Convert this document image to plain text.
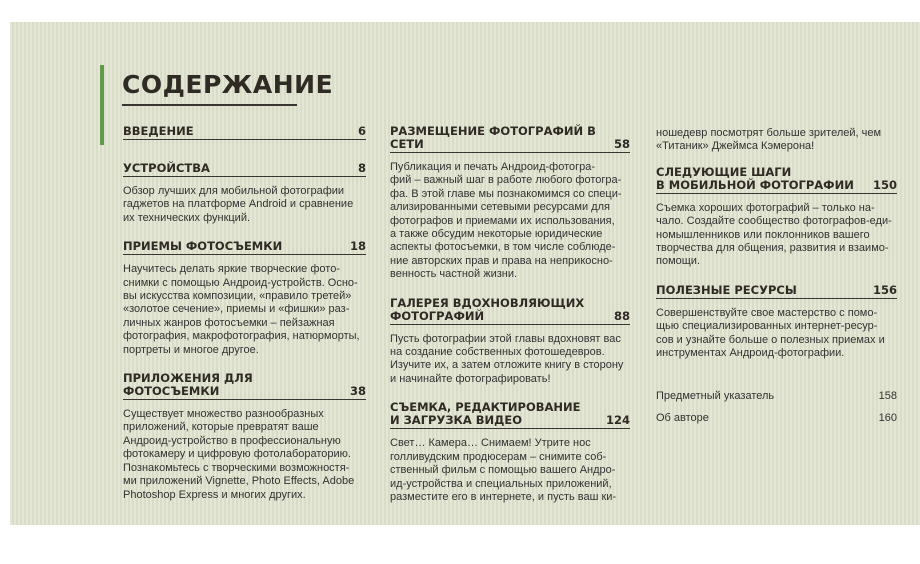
СОДЕРЖАНИЕ
ВВЕДЕНИЕ	6
УСТРОЙСТВА	8
Обзор лучших для мобильной фотографии
гаджетов на платформе Android и сравнение
их технических функций.
ПРИЕМЫ ФОТОСЪЕМКИ	18
Научитесь делать яркие творческие фото-
снимки с помощью Андроид-устройств. Осно-
вы искусства композиции, «правило третей»
«золотое сечение», приемы и «фишки» раз-
личных жанров фотосъемки – пейзажная
фотография, макрофотография, натюрморты,
портреты и многое другое.
ПРИЛОЖЕНИЯ ДЛЯ ФОТОСЪЕМКИ	38
Существует множество разнообразных
приложений, которые превратят ваше
Андроид-устройство в профессиональную
фотокамеру и цифровую фотолабораторию.
Познакомьтесь с творческими возможностя-
ми приложений Vignette, Photo Effects, Adobe
Photoshop Express и многих других.
РАЗМЕЩЕНИЕ ФОТОГРАФИЙ В СЕТИ	58
Публикация и печать Андроид-фотогра-
фий – важный шаг в работе любого фотогра-
фа. В этой главе мы познакомимся со специ-
ализированными сетевыми ресурсами для
фотографов и приемами их использования,
а также обсудим некоторые юридические
аспекты фотосъемки, в том числе соблюде-
ние авторских прав и права на неприкосно-
венность частной жизни.
ГАЛЕРЕЯ ВДОХНОВЛЯЮЩИХ
ФОТОГРАФИЙ	88
Пусть фотографии этой главы вдохновят вас
на создание собственных фотошедевров.
Изучите их, а затем отложите книгу в сторону
и начинайте фотографировать!
СЪЕМКА, РЕДАКТИРОВАНИЕ
И ЗАГРУЗКА ВИДЕО	124
Свет… Камера… Снимаем! Утрите нос
голливудским продюсерам – снимите соб-
ственный фильм с помощью вашего Андро-
ид-устройства и специальных приложений,
разместите его в интернете, и пусть ваш ки-
ношедевр посмотрят больше зрителей, чем
«Титаник» Джеймса Кэмерона!
СЛЕДУЮЩИЕ ШАГИ
В МОБИЛЬНОЙ ФОТОГРАФИИ 150
Съемка хороших фотографий – только на-
чало. Создайте сообщество фотографов-еди-
номышленников или поклонников вашего
творчества для общения, развития и взаимо-
помощи.
ПОЛЕЗНЫЕ РЕСУРСЫ	156
Совершенствуйте свое мастерство с помо-
щью специализированных интернет-ресур-
сов и узнайте больше о полезных приемах и
инструментах Андроид-фотографии.
Предметный указатель	158
Об авторе	160
